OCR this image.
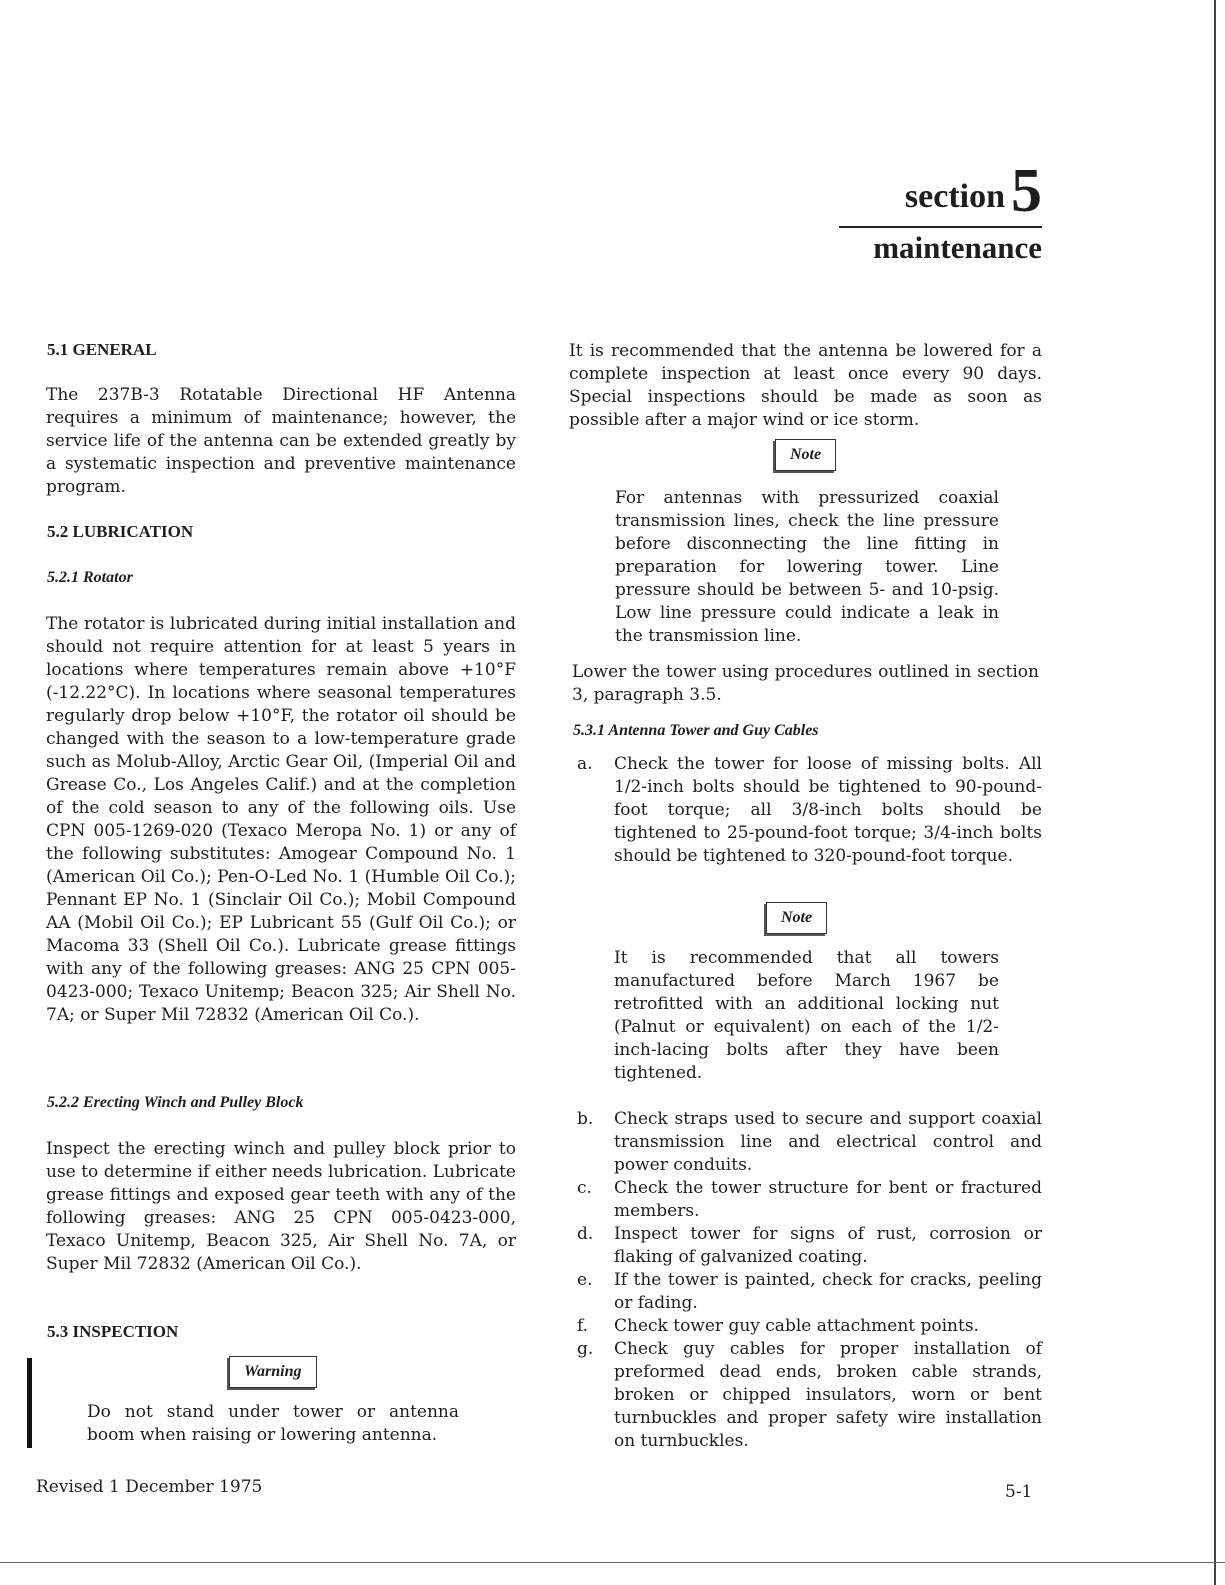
section5
maintenance
5.1 GENERAL

The 237B-3 Rotatable Directional HF Antenna requires a minimum of maintenance; however, the service life of the antenna can be extended greatly by a systematic inspection and preventive maintenance program.

5.2 LUBRICATION
5.2.1 Rotator

The rotator is lubricated during initial installation and should not require attention for at least 5 years in locations where temperatures remain above +10°F (-12.22°C). In locations where seasonal temperatures regularly drop below +10°F, the rotator oil should be changed with the season to a low-temperature grade such as Molub-Alloy, Arctic Gear Oil, (Imperial Oil and Grease Co., Los Angeles Calif.) and at the completion of the cold season to any of the following oils. Use CPN 005-1269-020 (Texaco Meropa No. 1) or any of the following substitutes: Amogear Compound No. 1 (American Oil Co.); Pen-O-Led No. 1 (Humble Oil Co.); Pennant EP No. 1 (Sinclair Oil Co.); Mobil Compound AA (Mobil Oil Co.); EP Lubricant 55 (Gulf Oil Co.); or Macoma 33 (Shell Oil Co.). Lubricate grease fittings with any of the following greases: ANG 25 CPN 005-0423-000; Texaco Unitemp; Beacon 325; Air Shell No. 7A; or Super Mil 72832 (American Oil Co.).

5.2.2 Erecting Winch and Pulley Block

Inspect the erecting winch and pulley block prior to use to determine if either needs lubrication. Lubricate grease fittings and exposed gear teeth with any of the following greases: ANG 25 CPN 005-0423-000, Texaco Unitemp, Beacon 325, Air Shell No. 7A, or Super Mil 72832 (American Oil Co.).

5.3 INSPECTION
Warning

Do not stand under tower or antenna boom when raising or lowering antenna.

It is recommended that the antenna be lowered for a complete inspection at least once every 90 days. Special inspections should be made as soon as possible after a major wind or ice storm.

Note

For antennas with pressurized coaxial transmission lines, check the line pressure before disconnecting the line fitting in preparation for lowering tower. Line pressure should be between 5- and 10-psig. Low line pressure could indicate a leak in the transmission line.

Lower the tower using procedures outlined in section 3, paragraph 3.5.

5.3.1 Antenna Tower and Guy Cables
a. Check the tower for loose of missing bolts. All 1/2-inch bolts should be tightened to 90-pound-foot torque; all 3/8-inch bolts should be tightened to 25-pound-foot torque; 3/4-inch bolts should be tightened to 320-pound-foot torque.
Note

It is recommended that all towers manufactured before March 1967 be retrofitted with an additional locking nut (Palnut or equivalent) on each of the 1/2-inch-lacing bolts after they have been tightened.

b. Check straps used to secure and support coaxial transmission line and electrical control and power conduits.
c. Check the tower structure for bent or fractured members.
d. Inspect tower for signs of rust, corrosion or flaking of galvanized coating.
e. If the tower is painted, check for cracks, peeling or fading.
f. Check tower guy cable attachment points.
g. Check guy cables for proper installation of preformed dead ends, broken cable strands, broken or chipped insulators, worn or bent turnbuckles and proper safety wire installation on turnbuckles.
Revised 1 December 1975	5-1
